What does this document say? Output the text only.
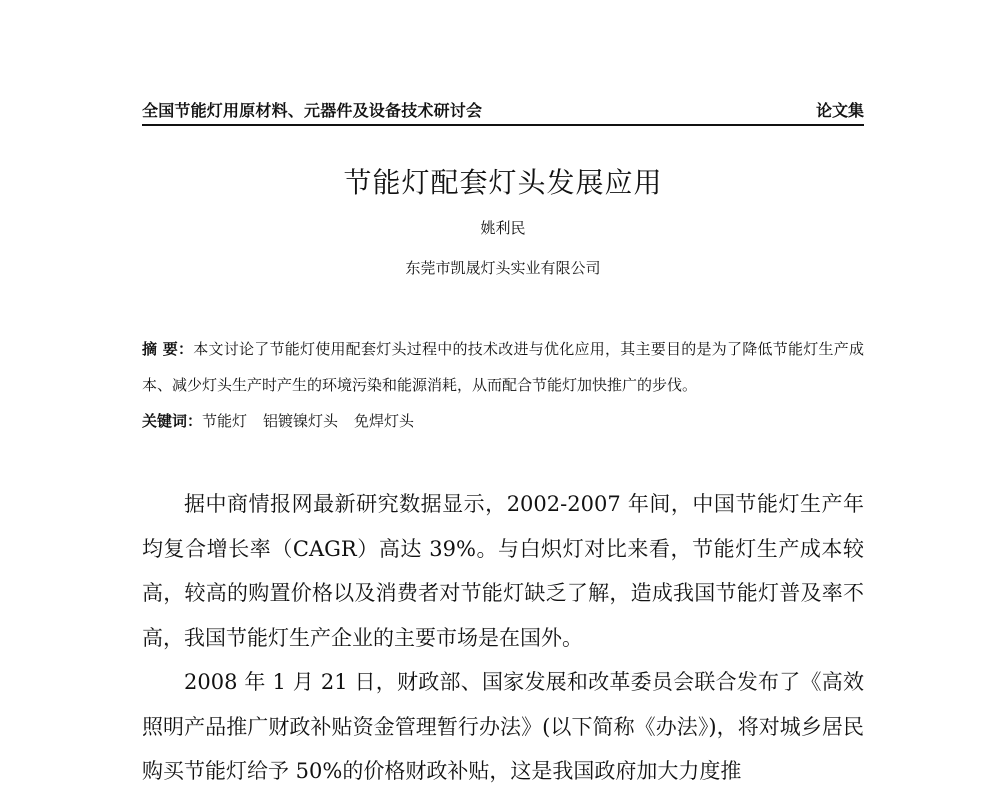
全国节能灯用原材料、元器件及设备技术研讨会	论文集
节能灯配套灯头发展应用
姚利民
东莞市凯晟灯头实业有限公司
摘 要：本文讨论了节能灯使用配套灯头过程中的技术改进与优化应用，其主要目的是为了降低节能灯生产成本、减少灯头生产时产生的环境污染和能源消耗，从而配合节能灯加快推广的步伐。
关键词：节能灯 铝镀镍灯头 免焊灯头

据中商情报网最新研究数据显示，2002-2007 年间，中国节能灯生产年均复合增长率（CAGR）高达 39%。与白炽灯对比来看，节能灯生产成本较高，较高的购置价格以及消费者对节能灯缺乏了解，造成我国节能灯普及率不高，我国节能灯生产企业的主要市场是在国外。

2008 年 1 月 21 日，财政部、国家发展和改革委员会联合发布了《高效照明产品推广财政补贴资金管理暂行办法》(以下简称《办法》)，将对城乡居民购买节能灯给予 50%的价格财政补贴，这是我国政府加大力度推
